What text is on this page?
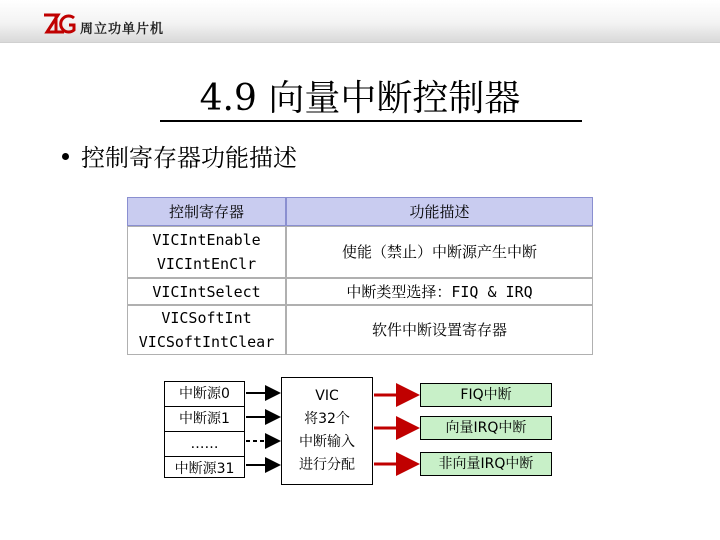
周立功单片机
4.9 向量中断控制器
控制寄存器功能描述
控制寄存器	功能描述
VICIntEnable
VICIntEnClr
使能（禁止）中断源产生中断
VICIntSelect	中断类型选择：FIQ & IRQ
VICSoftInt
VICSoftIntClear
软件中断设置寄存器
中断源0
中断源1
……
中断源31
VIC
将32个
中断输入
进行分配
FIQ中断
向量IRQ中断
非向量IRQ中断
